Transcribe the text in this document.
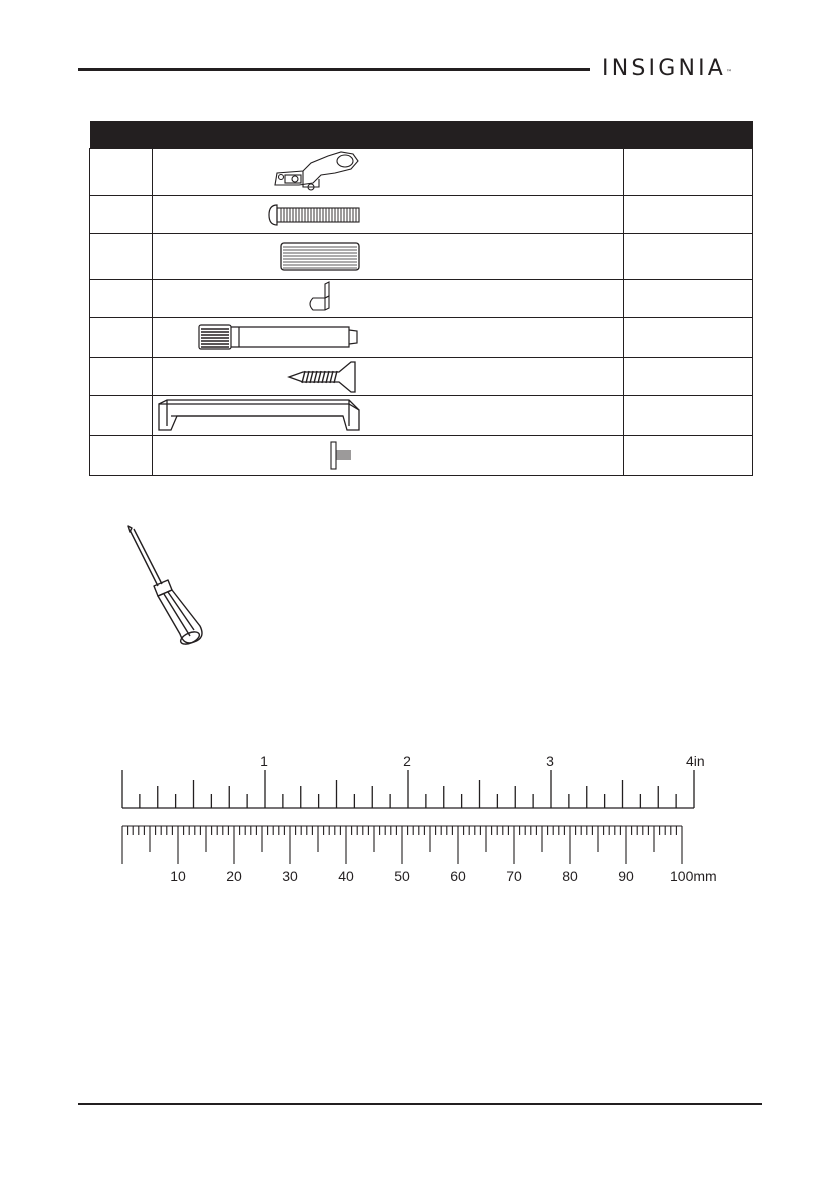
INSIGNIA™

1	2	3	4in
10	20	30	40	50	60	70	80	90	100mm
